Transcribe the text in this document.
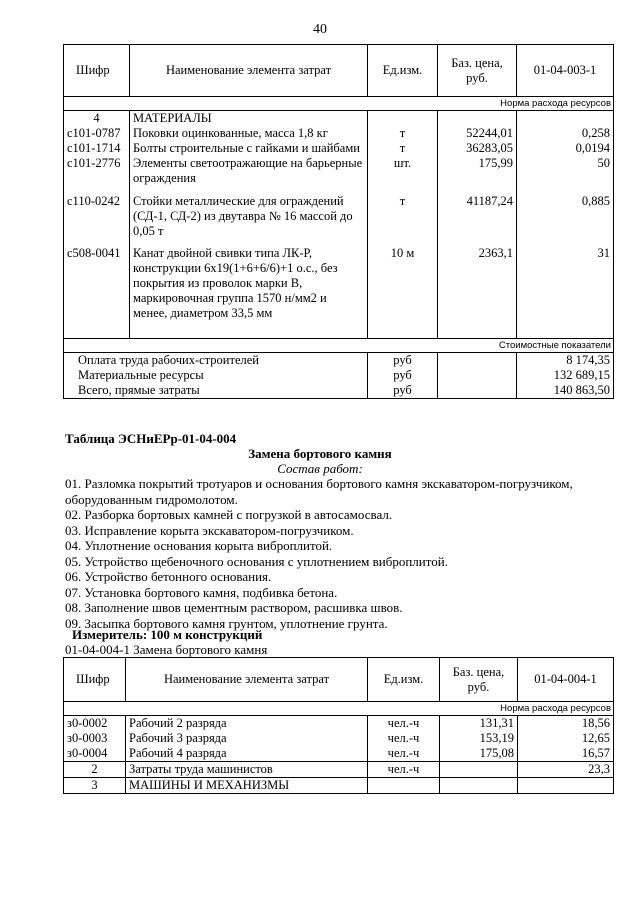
40
Шифр	Наименование элемента затрат	Ед.изм.	Баз. цена,
руб.	01-04-003-1
Норма расхода ресурсов				
4	МАТЕРИАЛЫ			
с101-0787	Поковки оцинкованные, масса 1,8 кг	т	52244,01	0,258
с101-1714	Болты строительные с гайками и шайбами	т	36283,05	0,0194
с101-2776	Элементы светоотражающие на барьерные ограждения	шт.	175,99	50
с110-0242	Стойки металлические для ограждений (СД-1, СД-2) из двутавра № 16 массой до 0,05 т	т	41187,24	0,885
с508-0041	Канат двойной свивки типа ЛК-Р, конструкции 6х19(1+6+6/6)+1 о.с., без покрытия из проволок марки В, маркировочная группа 1570 н/мм2 и менее, диаметром 33,5 мм	10 м	2363,1	31
Стоимостные показатели				
Оплата труда рабочих-строителей		руб		8 174,35
Материальные ресурсы		руб		132 689,15
Всего, прямые затраты		руб		140 863,50
Таблица ЭСНиЕРр-01-04-004
Замена бортового камня
Состав работ:
01. Разломка покрытий тротуаров и основания бортового камня экскаватором-погрузчиком,
оборудованным гидромолотом.
02. Разборка бортовых камней с погрузкой в автосамосвал.
03. Исправление корыта экскаватором-погрузчиком.
04. Уплотнение основания корыта виброплитой.
05. Устройство щебеночного основания с уплотнением виброплитой.
06. Устройство бетонного основания.
07. Установка бортового камня, подбивка бетона.
08. Заполнение швов цементным раствором, расшивка швов.
09. Засыпка бортового камня грунтом, уплотнение грунта.
Измеритель: 100 м конструкций
01-04-004-1 Замена бортового камня
Шифр	Наименование элемента затрат	Ед.изм.	Баз. цена,
руб.	01-04-004-1
Норма расхода ресурсов				
з0-0002	Рабочий 2 разряда	чел.-ч	131,31	18,56
з0-0003	Рабочий 3 разряда	чел.-ч	153,19	12,65
з0-0004	Рабочий 4 разряда	чел.-ч	175,08	16,57
2	Затраты труда машинистов	чел.-ч		23,3
3	МАШИНЫ И МЕХАНИЗМЫ			
